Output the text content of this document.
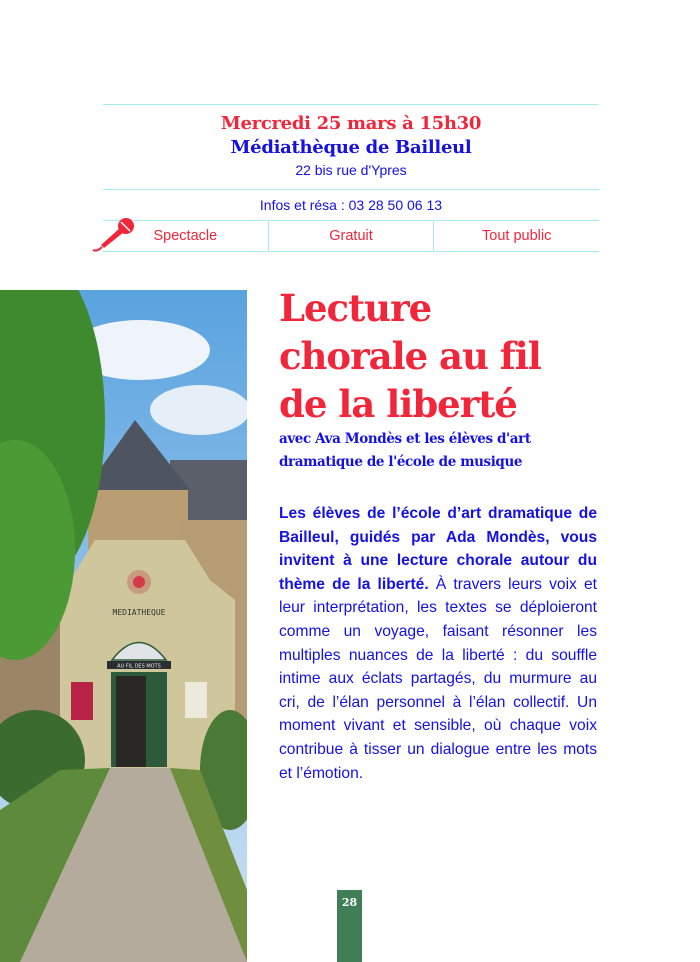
Mercredi 25 mars à 15h30
Médiathèque de Bailleul
22 bis rue d'Ypres
Infos et résa : 03 28 50 06 13
Spectacle	Gratuit	Tout public
MEDIATHEQUE
AU FIL DES MOTS
Lecture
chorale au fil
de la liberté
avec Ava Mondès et les élèves d'art dramatique de l'école de musique
Les élèves de l’école d’art dramatique de Bailleul, guidés par Ada Mondès, vous invitent à une lecture chorale autour du thème de la liberté. À travers leurs voix et leur interprétation, les textes se déploieront comme un voyage, faisant résonner les multiples nuances de la liberté : du souffle intime aux éclats partagés, du murmure au cri, de l’élan personnel à l’élan collectif. Un moment vivant et sensible, où chaque voix contribue à tisser un dialogue entre les mots et l’émotion.
28
